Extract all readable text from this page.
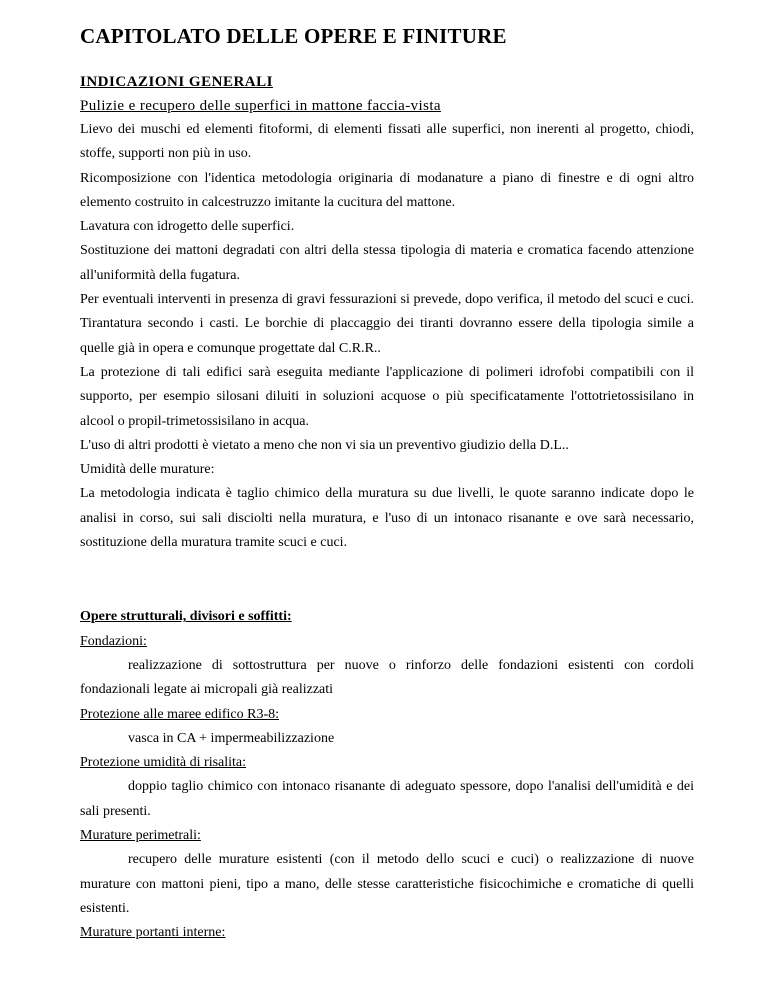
CAPITOLATO DELLE OPERE E FINITURE
INDICAZIONI GENERALI
Pulizie e recupero delle superfici in mattone faccia-vista

Lievo dei muschi ed elementi fitoformi, di elementi fissati alle superfici, non inerenti al progetto, chiodi, stoffe, supporti non più in uso.

Ricomposizione con l'identica metodologia originaria di modanature a piano di finestre e di ogni altro elemento costruito in calcestruzzo imitante la cucitura del mattone.

Lavatura con idrogetto delle superfici.

Sostituzione dei mattoni degradati con altri della stessa tipologia di materia e cromatica facendo attenzione all'uniformità della fugatura.

Per eventuali interventi in presenza di gravi fessurazioni si prevede, dopo verifica, il metodo del scuci e cuci. Tirantatura secondo i casti. Le borchie di placcaggio dei tiranti dovranno essere della tipologia simile a quelle già in opera e comunque progettate dal C.R.R..

La protezione di tali edifici sarà eseguita mediante l'applicazione di polimeri idrofobi compatibili con il supporto, per esempio silosani diluiti in soluzioni acquose o più specificatamente l'ottotrietossisilano in alcool o propil-trimetossisilano in acqua.

L'uso di altri prodotti è vietato a meno che non vi sia un preventivo giudizio della D.L..

Umidità delle murature:

La metodologia indicata è taglio chimico della muratura su due livelli, le quote saranno indicate dopo le analisi in corso, sui sali disciolti nella muratura, e l'uso di un intonaco risanante e ove sarà necessario, sostituzione della muratura tramite scuci e cuci.

Opere strutturali, divisori e soffitti:
Fondazioni:

realizzazione di sottostruttura per nuove o rinforzo delle fondazioni esistenti con cordoli fondazionali legate ai micropali già realizzati

Protezione alle maree edifico R3-8:

vasca in CA + impermeabilizzazione

Protezione umidità di risalita:

doppio taglio chimico con intonaco risanante di adeguato spessore, dopo l'analisi dell'umidità e dei sali presenti.

Murature perimetrali:

recupero delle murature esistenti (con il metodo dello scuci e cuci) o realizzazione di nuove murature con mattoni pieni, tipo a mano, delle stesse caratteristiche fisicochimiche e cromatiche di quelli esistenti.

Murature portanti interne:
